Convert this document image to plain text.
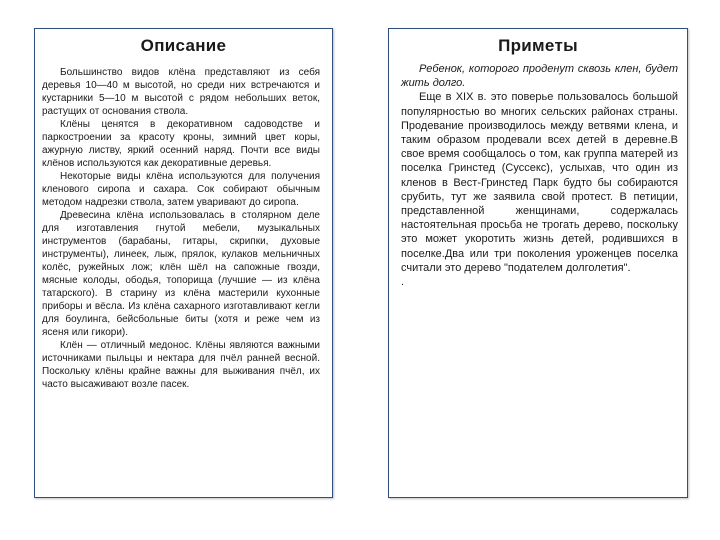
Описание

Большинство видов клёна представляют из себя деревья 10—40 м высотой, но среди них встречаются и кустарники 5—10 м высотой с рядом небольших веток, растущих от основания ствола.

Клёны ценятся в декоративном садоводстве и паркостроении за красоту кроны, зимний цвет коры, ажурную листву, яркий осенний наряд. Почти все виды клёнов используются как декоративные деревья.

Некоторые виды клёна используются для получения кленового сиропа и сахара. Сок собирают обычным методом надрезки ствола, затем уваривают до сиропа.

Древесина клёна использовалась в столярном деле для изготавления гнутой мебели, музыкальных инструментов (барабаны, гитары, скрипки, духовые инструменты), линеек, лыж, прялок, кулаков мельничных колёс, ружейных лож; клён шёл на сапожные гвозди, мясные колоды, ободья, топорища (лучшие — из клёна татарского). В старину из клёна мастерили кухонные приборы и вёсла. Из клёна сахарного изготавливают кегли для боулинга, бейсбольные биты (хотя и реже чем из ясеня или гикори).

Клён — отличный медонос. Клёны являются важными источниками пыльцы и нектара для пчёл ранней весной. Поскольку клёны крайне важны для выживания пчёл, их часто высаживают возле пасек.

Приметы

Ребенок, которого проденут сквозь клен, будет жить долго.

Еще в XIX в. это поверье пользовалось большой популярностью во многих сельских районах страны. Продевание производилось между ветвями клена, и таким образом продевали всех детей в деревне.В свое время сообщалось о том, как группа матерей из поселка Гринстед (Суссекс), услыхав, что один из кленов в Вест-Гринстед Парк будто бы собираются срубить, тут же заявила свой протест. В петиции, представленной женщинами, содержалась настоятельная просьба не трогать дерево, поскольку это может укоротить жизнь детей, родившихся в поселке.Два или три поколения уроженцев поселка считали это дерево "подателем долголетия".

.
